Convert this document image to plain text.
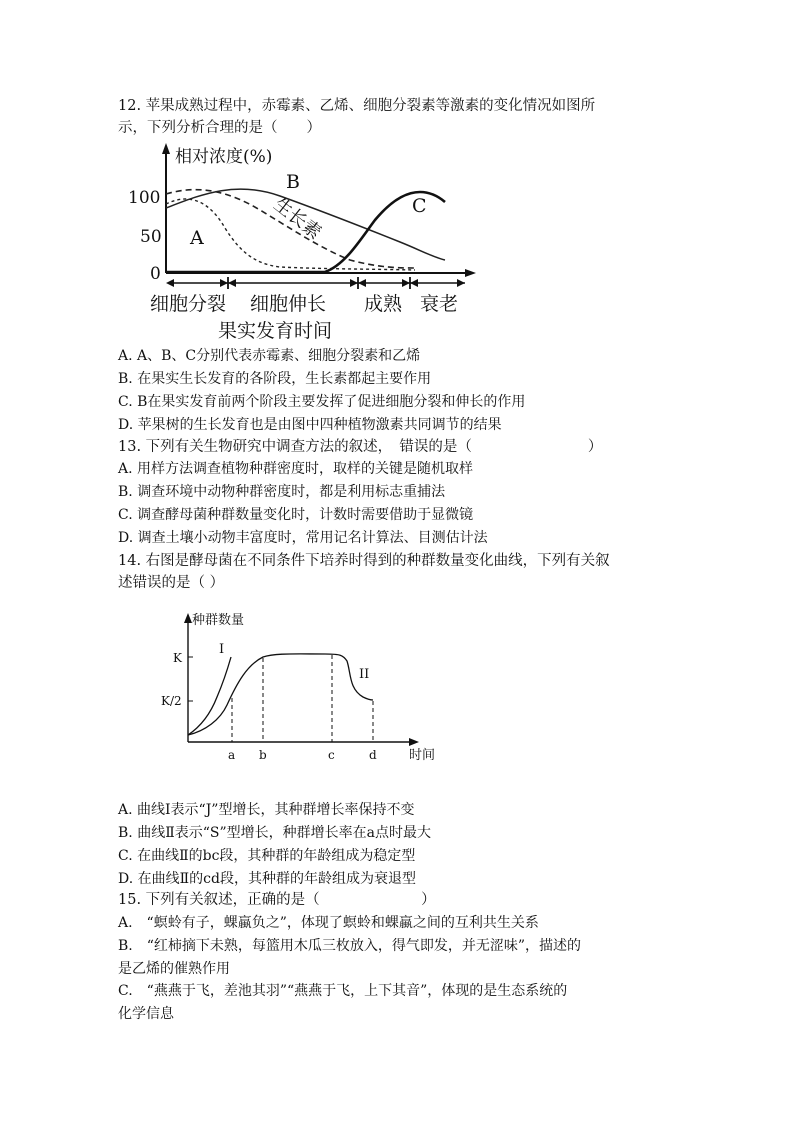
12. 苹果成熟过程中，赤霉素、乙烯、细胞分裂素等激素的变化情况如图所
示，下列分析合理的是（　　）
相对浓度(%)
100
50
0
B
A
C
生长素
细胞分裂 细胞伸长 成熟 衰老
果实发育时间
A. A、B、C分别代表赤霉素、细胞分裂素和乙烯
B. 在果实生长发育的各阶段，生长素都起主要作用
C. B在果实发育前两个阶段主要发挥了促进细胞分裂和伸长的作用
D. 苹果树的生长发育也是由图中四种植物激素共同调节的结果
13. 下列有关生物研究中调查方法的叙述，　错误的是（　　　　　　　　）
A. 用样方法调查植物种群密度时，取样的关键是随机取样
B. 调查环境中动物种群密度时，都是利用标志重捕法
C. 调查酵母菌种群数量变化时，计数时需要借助于显微镜
D. 调查土壤小动物丰富度时，常用记名计算法、目测估计法
14. 右图是酵母菌在不同条件下培养时得到的种群数量变化曲线，下列有关叙
述错误的是（ ）
种群数量
K
K/2
I
II
a b	c	d 时间
A. 曲线Ⅰ表示“J”型增长，其种群增长率保持不变
B. 曲线Ⅱ表示“S”型增长，种群增长率在a点时最大
C. 在曲线Ⅱ的bc段，其种群的年龄组成为稳定型
D. 在曲线Ⅱ的cd段，其种群的年龄组成为衰退型
15. 下列有关叙述，正确的是（　　　　　　　）
A.　“螟蛉有子，蜾蠃负之”，体现了螟蛉和蜾蠃之间的互利共生关系
B.　“红柿摘下未熟，每篮用木瓜三枚放入，得气即发，并无涩味”，描述的
是乙烯的催熟作用
C.　“燕燕于飞，差池其羽”“燕燕于飞，上下其音”，体现的是生态系统的
化学信息
